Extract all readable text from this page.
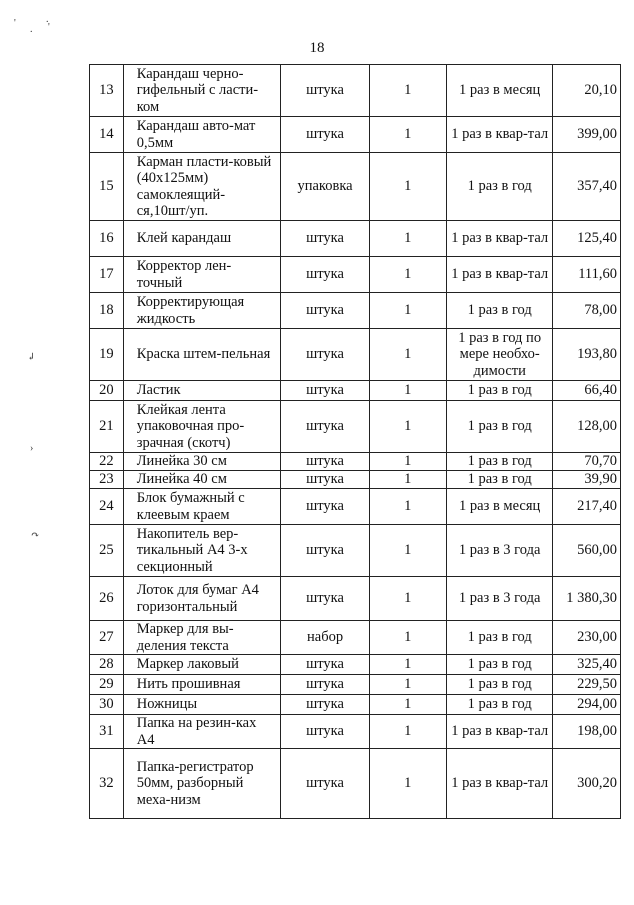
18
'
.
.
'
↲
›
↷
13	Карандаш черно-гифельный с ласти-ком	штука	1	1 раз в месяц	20,10
14	Карандаш авто-мат 0,5мм	штука	1	1 раз в квар-тал	399,00
15	Карман пласти-ковый (40х125мм) самоклеящий-ся,10шт/уп.	упаковка	1	1 раз в год	357,40
16	Клей карандаш	штука	1	1 раз в квар-тал	125,40
17	Корректор лен-точный	штука	1	1 раз в квар-тал	111,60
18	Корректирующая жидкость	штука	1	1 раз в год	78,00
19	Краска штем-пельная	штука	1	1 раз в год по мере необхо-димости	193,80
20	Ластик	штука	1	1 раз в год	66,40
21	Клейкая лента упаковочная про-зрачная (скотч)	штука	1	1 раз в год	128,00
22	Линейка 30 см	штука	1	1 раз в год	70,70
23	Линейка 40 см	штука	1	1 раз в год	39,90
24	Блок бумажный с клеевым краем	штука	1	1 раз в месяц	217,40
25	Накопитель вер-тикальный А4 3-х секционный	штука	1	1 раз в 3 года	560,00
26	Лоток для бумаг А4 горизонтальный	штука	1	1 раз в 3 года	1 380,30
27	Маркер для вы-деления текста	набор	1	1 раз в год	230,00
28	Маркер лаковый	штука	1	1 раз в год	325,40
29	Нить прошивная	штука	1	1 раз в год	229,50
30	Ножницы	штука	1	1 раз в год	294,00
31	Папка на резин-ках А4	штука	1	1 раз в квар-тал	198,00
32	Папка-регистратор 50мм, разборный меха-низм	штука	1	1 раз в квар-тал	300,20
